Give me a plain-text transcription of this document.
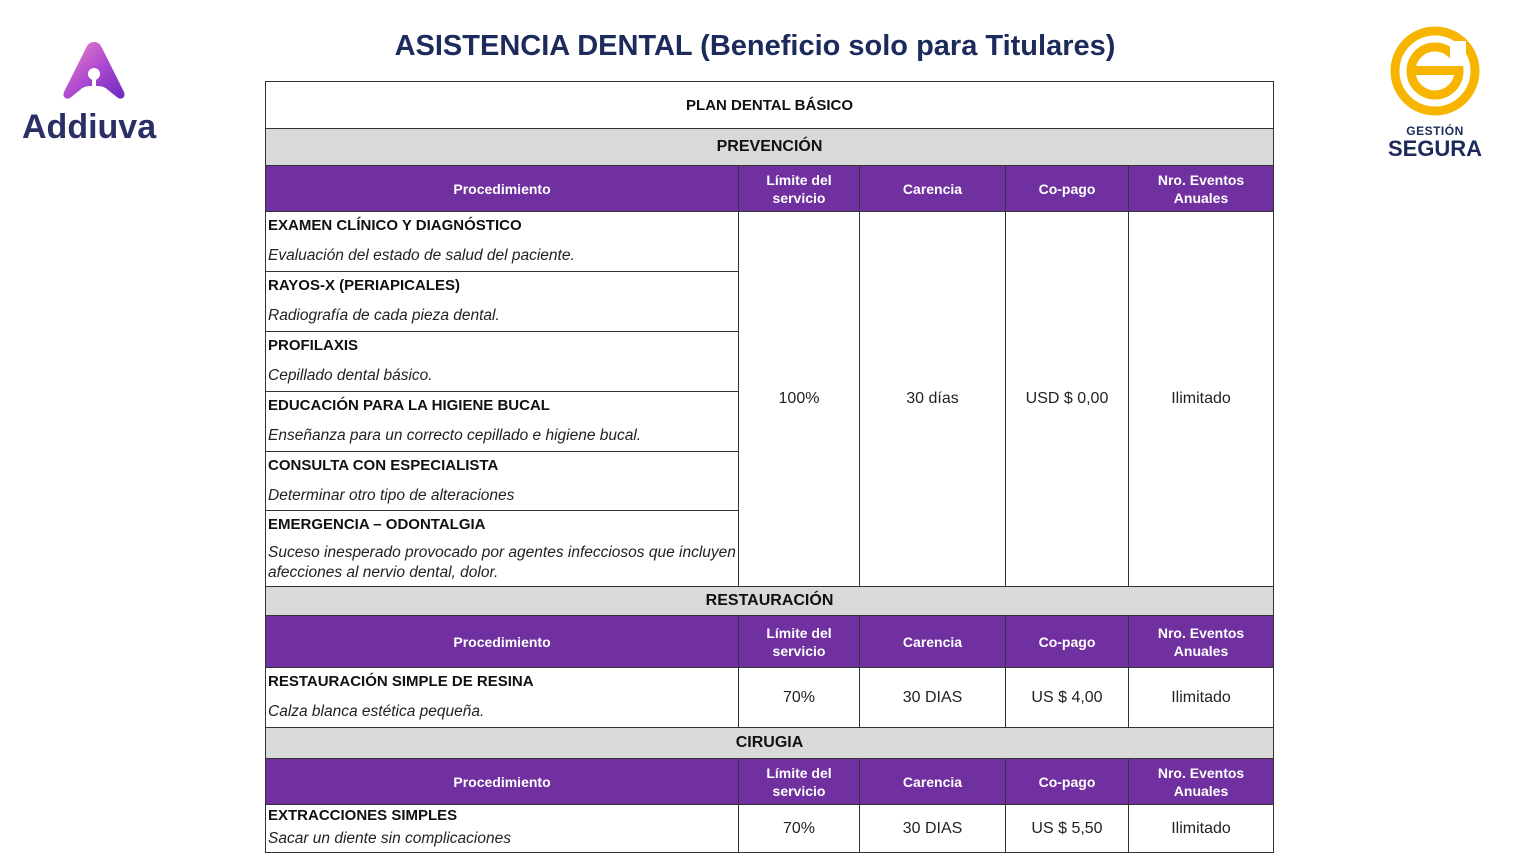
ASISTENCIA DENTAL (Beneficio solo para Titulares)
Addiuva	GESTIÓN
SEGURA
PLAN DENTAL BÁSICO				
PREVENCIÓN				
Procedimiento	Límite del servicio	Carencia	Co-pago	Nro. Eventos Anuales

EXAMEN CLÍNICO Y DIAGNÓSTICO
Evaluación del estado de salud del paciente.	100%	30 días	USD $ 0,00	Ilimitado

RAYOS-X (PERIAPICALES)
Radiografía de cada pieza dental.				

PROFILAXIS
Cepillado dental básico.				

EDUCACIÓN PARA LA HIGIENE BUCAL
Enseñanza para un correcto cepillado e higiene bucal.				

CONSULTA CON ESPECIALISTA
Determinar otro tipo de alteraciones				

EMERGENCIA – ODONTALGIA
Suceso inesperado provocado por agentes infecciosos que incluyen afecciones al nervio dental, dolor.				

RESTAURACIÓN				
Procedimiento	Límite del servicio	Carencia	Co-pago	Nro. Eventos Anuales

RESTAURACIÓN SIMPLE DE RESINA
Calza blanca estética pequeña.	70%	30 DIAS	US $ 4,00	Ilimitado
CIRUGIA				
Procedimiento	Límite del servicio	Carencia	Co-pago	Nro. Eventos Anuales

EXTRACCIONES SIMPLES
Sacar un diente sin complicaciones	70%	30 DIAS	US $ 5,50	Ilimitado
